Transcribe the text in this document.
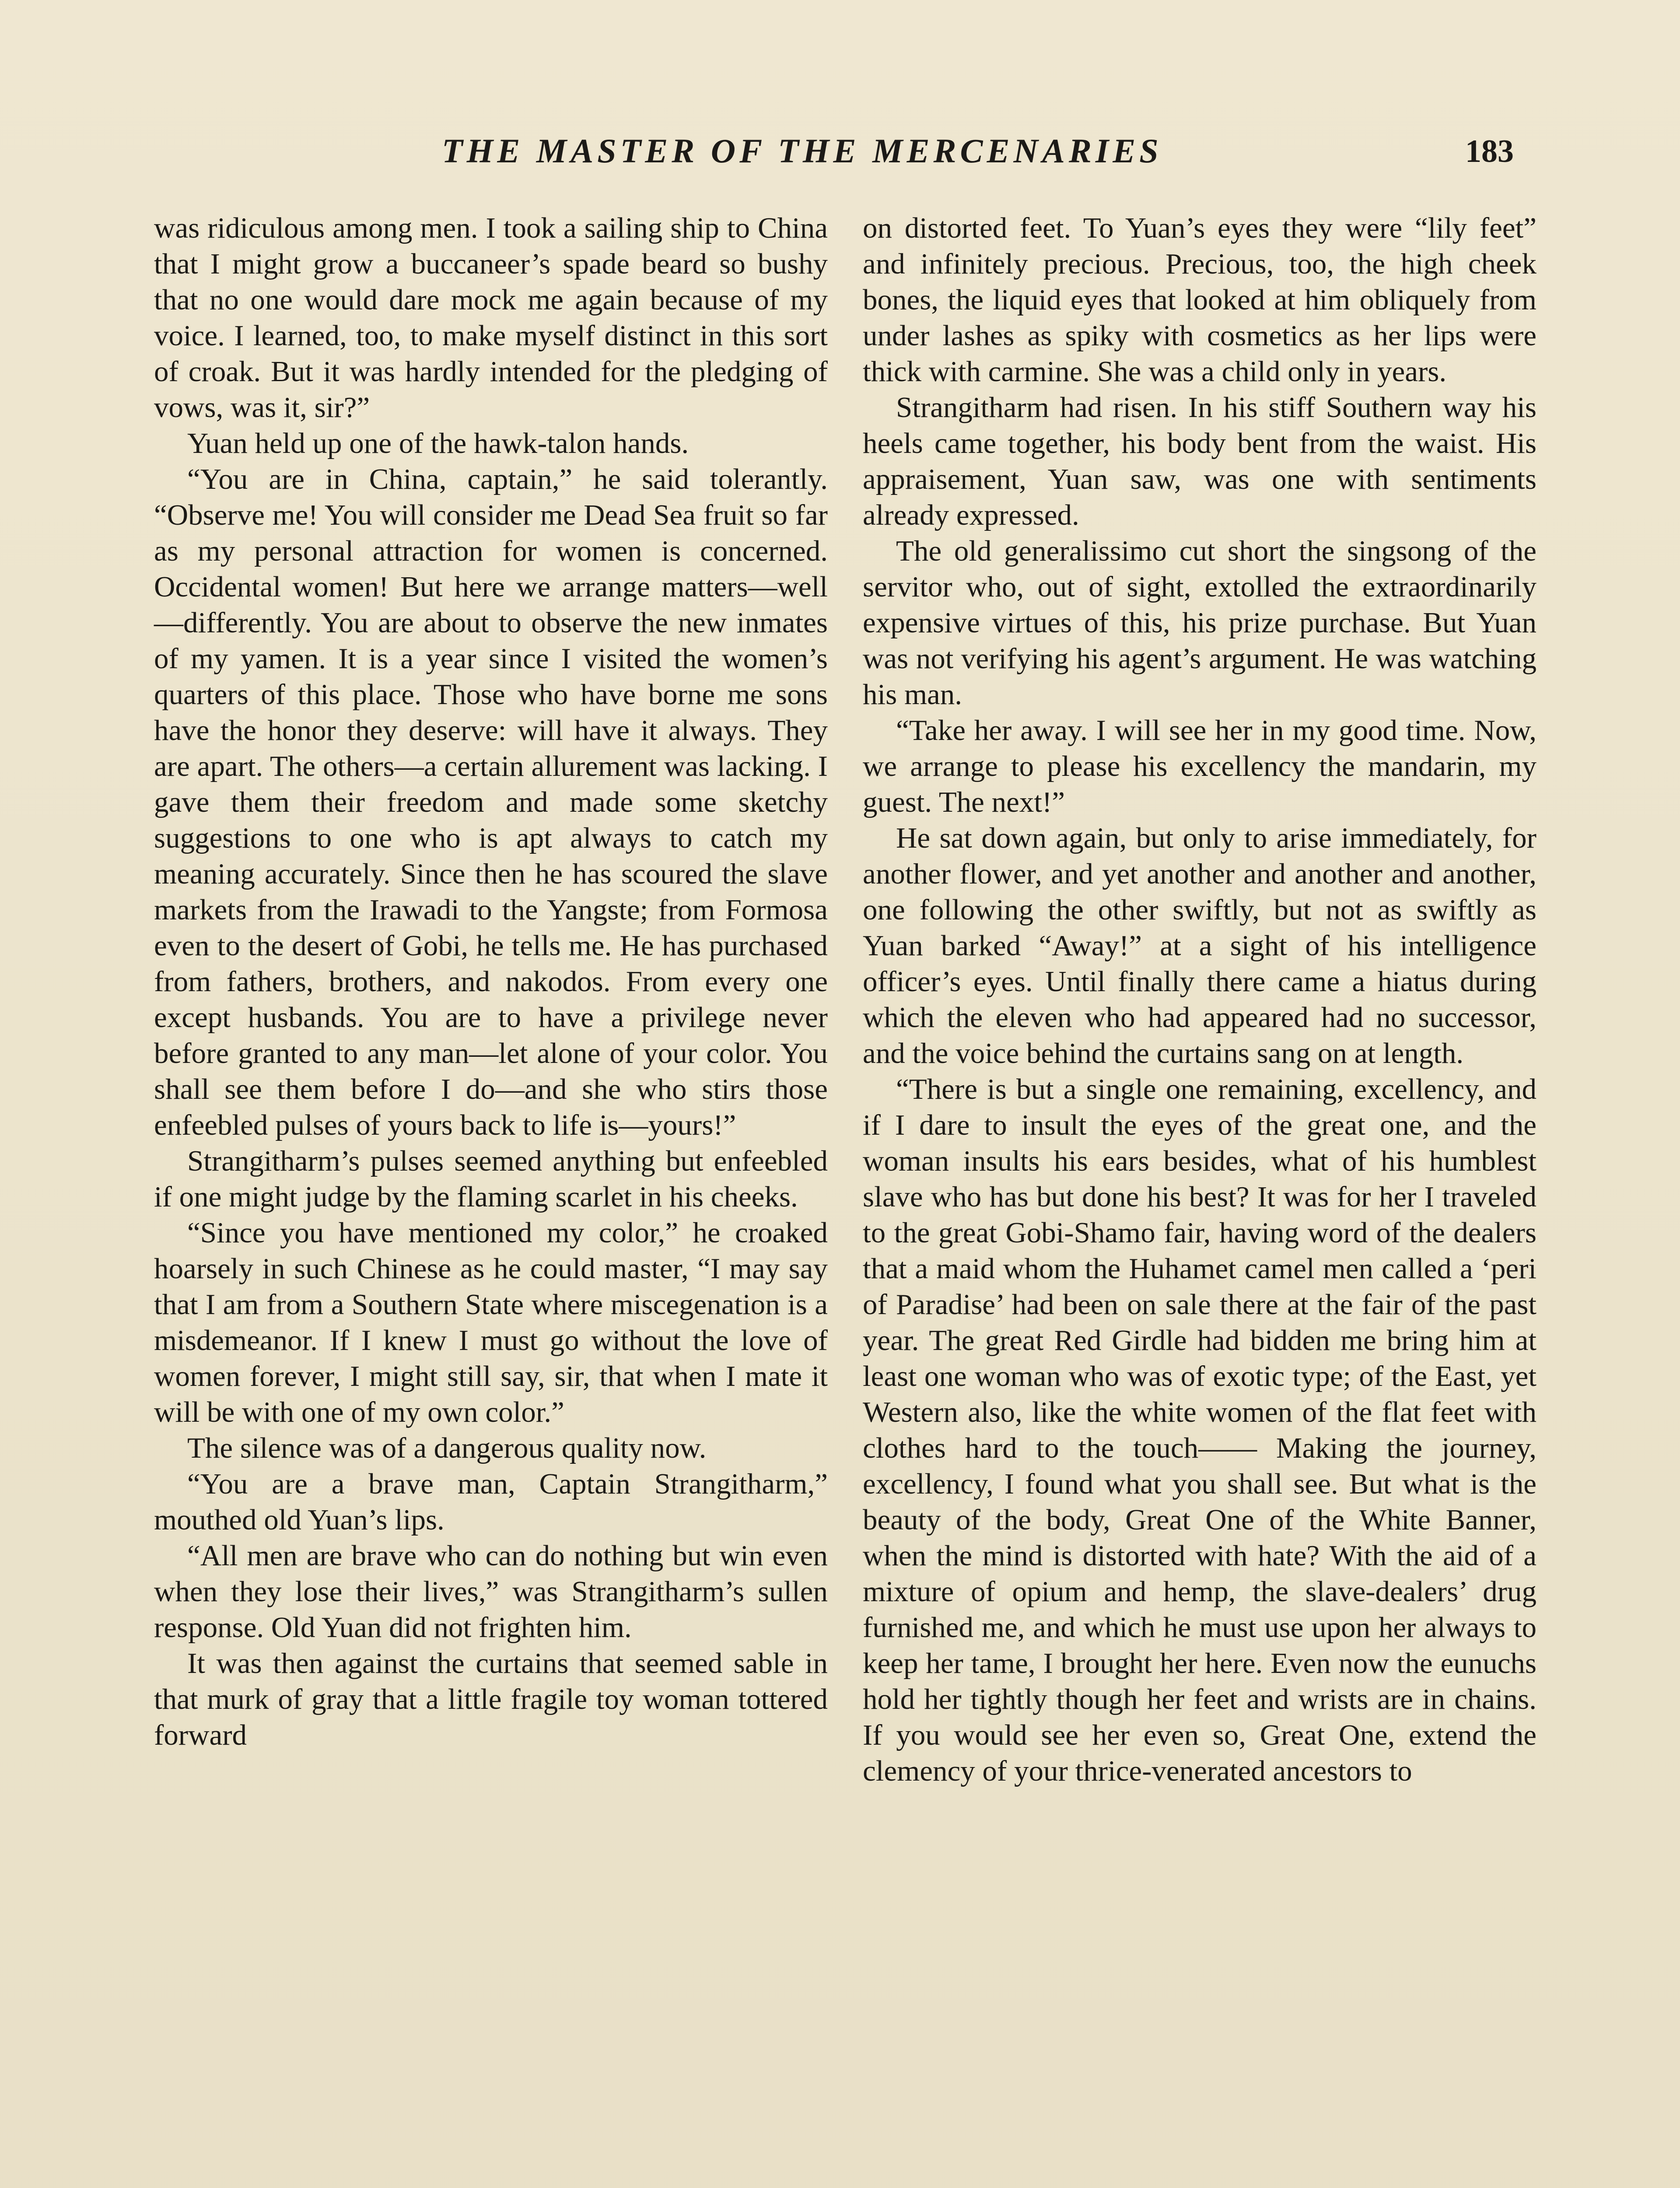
THE MASTER OF THE MERCENARIES	183

was ridiculous among men. I took a sailing ship to China that I might grow a buccaneer’s spade beard so bushy that no one would dare mock me again because of my voice. I learned, too, to make myself distinct in this sort of croak. But it was hardly intended for the pledging of vows, was it, sir?”

Yuan held up one of the hawk-talon hands.

“You are in China, captain,” he said tolerantly. “Observe me! You will consider me Dead Sea fruit so far as my personal attraction for women is concerned. Occidental women! But here we arrange matters—well—differently. You are about to observe the new inmates of my yamen. It is a year since I visited the women’s quarters of this place. Those who have borne me sons have the honor they deserve: will have it always. They are apart. The others—a certain allurement was lacking. I gave them their freedom and made some sketchy suggestions to one who is apt always to catch my meaning accurately. Since then he has scoured the slave markets from the Irawadi to the Yangste; from Formosa even to the desert of Gobi, he tells me. He has purchased from fathers, brothers, and nakodos. From every one except husbands. You are to have a privilege never before granted to any man—let alone of your color. You shall see them before I do—and she who stirs those enfeebled pulses of yours back to life is—yours!”

Strangitharm’s pulses seemed anything but enfeebled if one might judge by the flaming scarlet in his cheeks.

“Since you have mentioned my color,” he croaked hoarsely in such Chinese as he could master, “I may say that I am from a Southern State where miscegenation is a misdemeanor. If I knew I must go without the love of women forever, I might still say, sir, that when I mate it will be with one of my own color.”

The silence was of a dangerous quality now.

“You are a brave man, Captain Strangitharm,” mouthed old Yuan’s lips.

“All men are brave who can do nothing but win even when they lose their lives,” was Strangitharm’s sullen response. Old Yuan did not frighten him.

It was then against the curtains that seemed sable in that murk of gray that a little fragile toy woman tottered forward

on distorted feet. To Yuan’s eyes they were “lily feet” and infinitely precious. Precious, too, the high cheek bones, the liquid eyes that looked at him obliquely from under lashes as spiky with cosmetics as her lips were thick with carmine. She was a child only in years.

Strangitharm had risen. In his stiff Southern way his heels came together, his body bent from the waist. His appraisement, Yuan saw, was one with sentiments already expressed.

The old generalissimo cut short the singsong of the servitor who, out of sight, extolled the extraordinarily expensive virtues of this, his prize purchase. But Yuan was not verifying his agent’s argument. He was watching his man.

“Take her away. I will see her in my good time. Now, we arrange to please his excellency the mandarin, my guest. The next!”

He sat down again, but only to arise immediately, for another flower, and yet another and another and another, one following the other swiftly, but not as swiftly as Yuan barked “Away!” at a sight of his intelligence officer’s eyes. Until finally there came a hiatus during which the eleven who had appeared had no successor, and the voice behind the curtains sang on at length.

“There is but a single one remaining, excellency, and if I dare to insult the eyes of the great one, and the woman insults his ears besides, what of his humblest slave who has but done his best? It was for her I traveled to the great Gobi-Shamo fair, having word of the dealers that a maid whom the Huhamet camel men called a ‘peri of Paradise’ had been on sale there at the fair of the past year. The great Red Girdle had bidden me bring him at least one woman who was of exotic type; of the East, yet Western also, like the white women of the flat feet with clothes hard to the touch—— Making the journey, excellency, I found what you shall see. But what is the beauty of the body, Great One of the White Banner, when the mind is distorted with hate? With the aid of a mixture of opium and hemp, the slave-dealers’ drug furnished me, and which he must use upon her always to keep her tame, I brought her here. Even now the eunuchs hold her tightly though her feet and wrists are in chains. If you would see her even so, Great One, extend the clemency of your thrice-venerated ancestors to
